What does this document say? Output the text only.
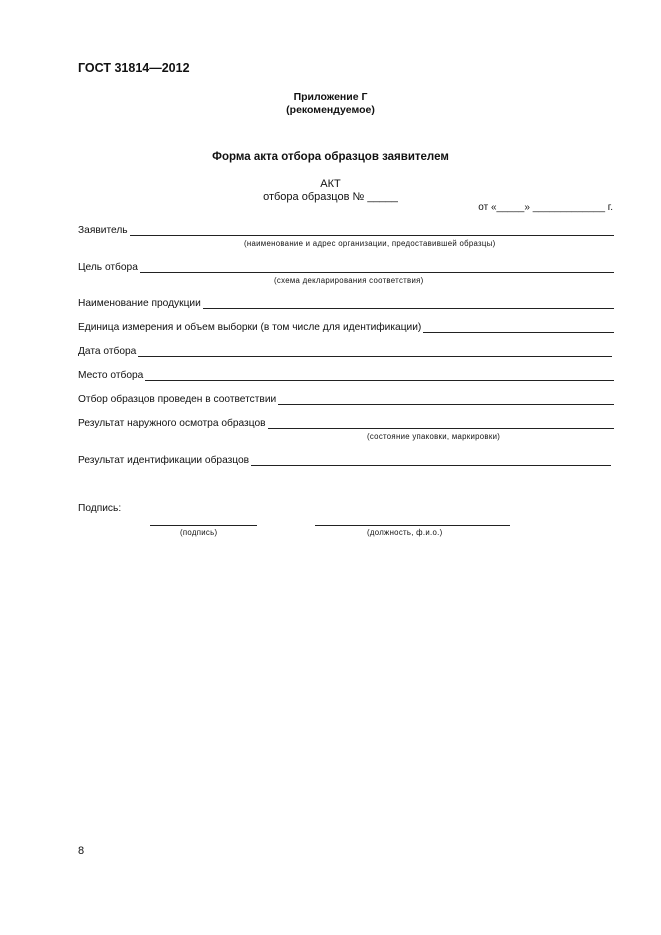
ГОСТ 31814—2012
Приложение Г
(рекомендуемое)
Форма акта отбора образцов заявителем
АКТ
отбора образцов № _____
от «_____» _____________ г.
Заявитель
(наименование и адрес организации, предоставившей образцы)
Цель отбора
(схема декларирования соответствия)
Наименование продукции
Единица измерения и объем выборки (в том числе для идентификации)
Дата отбора
Место отбора
Отбор образцов проведен в соответствии
Результат наружного осмотра образцов
(состояние упаковки, маркировки)
Результат идентификации образцов
Подпись:
(подпись)	(должность, ф.и.о.)
8
